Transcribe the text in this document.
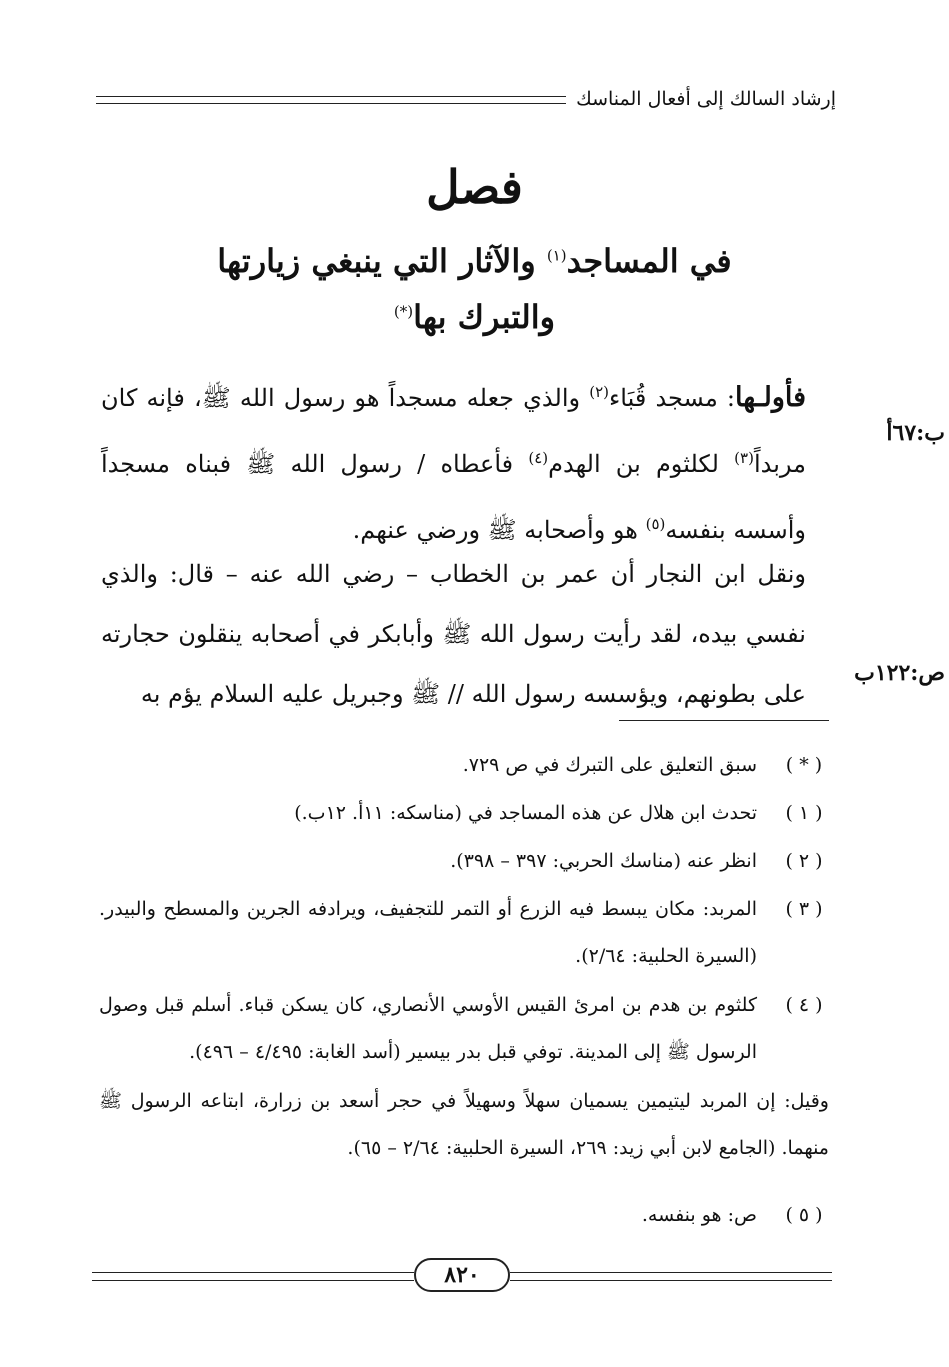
إرشاد السالك إلى أفعال المناسك
فصل
في المساجد$^{(١)}$ والآثار التي ينبغي زيارتها
والتبرك بها(*)
ب:٦٧أ
ص:١٢٢ب
فأولـها: مسجد قُبَاء$^{(٢)}$ والذي جعله مسجداً هو رسول الله ﷺ، فإنه كان مربداً$^{(٣)}$ لكلثوم بن الهدم$^{(٤)}$ فأعطاه / رسول الله ﷺ فبناه مسجداً وأسسه بنفسه$^{(٥)}$ هو وأصحابه ﷺ ورضي عنهم.
ونقل ابن النجار أن عمر بن الخطاب – رضي الله عنه – قال: والذي نفسي بيده، لقد رأيت رسول الله ﷺ وأبابكر في أصحابه ينقلون حجارته على بطونهم، ويؤسسه رسول الله // ﷺ وجبريل عليه السلام يؤم به
( * )
سبق التعليق على التبرك في ص ٧٢٩.
( ١ )
تحدث ابن هلال عن هذه المساجد في (مناسكه: ١١أ. ١٢ب.)
( ٢ )
انظر عنه (مناسك الحربي: ٣٩٧ – ٣٩٨).
( ٣ )
المربد: مكان يبسط فيه الزرع أو التمر للتجفيف، ويرادفه الجرين والمسطح والبيدر. (السيرة الحلبية: ٢/٦٤).
( ٤ )
كلثوم بن هدم بن امرئ القيس الأوسي الأنصاري، كان يسكن قباء. أسلم قبل وصول الرسول ﷺ إلى المدينة. توفي قبل بدر بيسير (أسد الغابة: ٤/٤٩٥ – ٤٩٦).
وقيل: إن المربد ليتيمين يسميان سهلاً وسهيلاً في حجر أسعد بن زرارة، ابتاعه الرسول ﷺ منهما. (الجامع لابن أبي زيد: ٢٦٩، السيرة الحلبية: ٢/٦٤ – ٦٥).
( ٥ )
ص: هو بنفسه.
٨٢٠
